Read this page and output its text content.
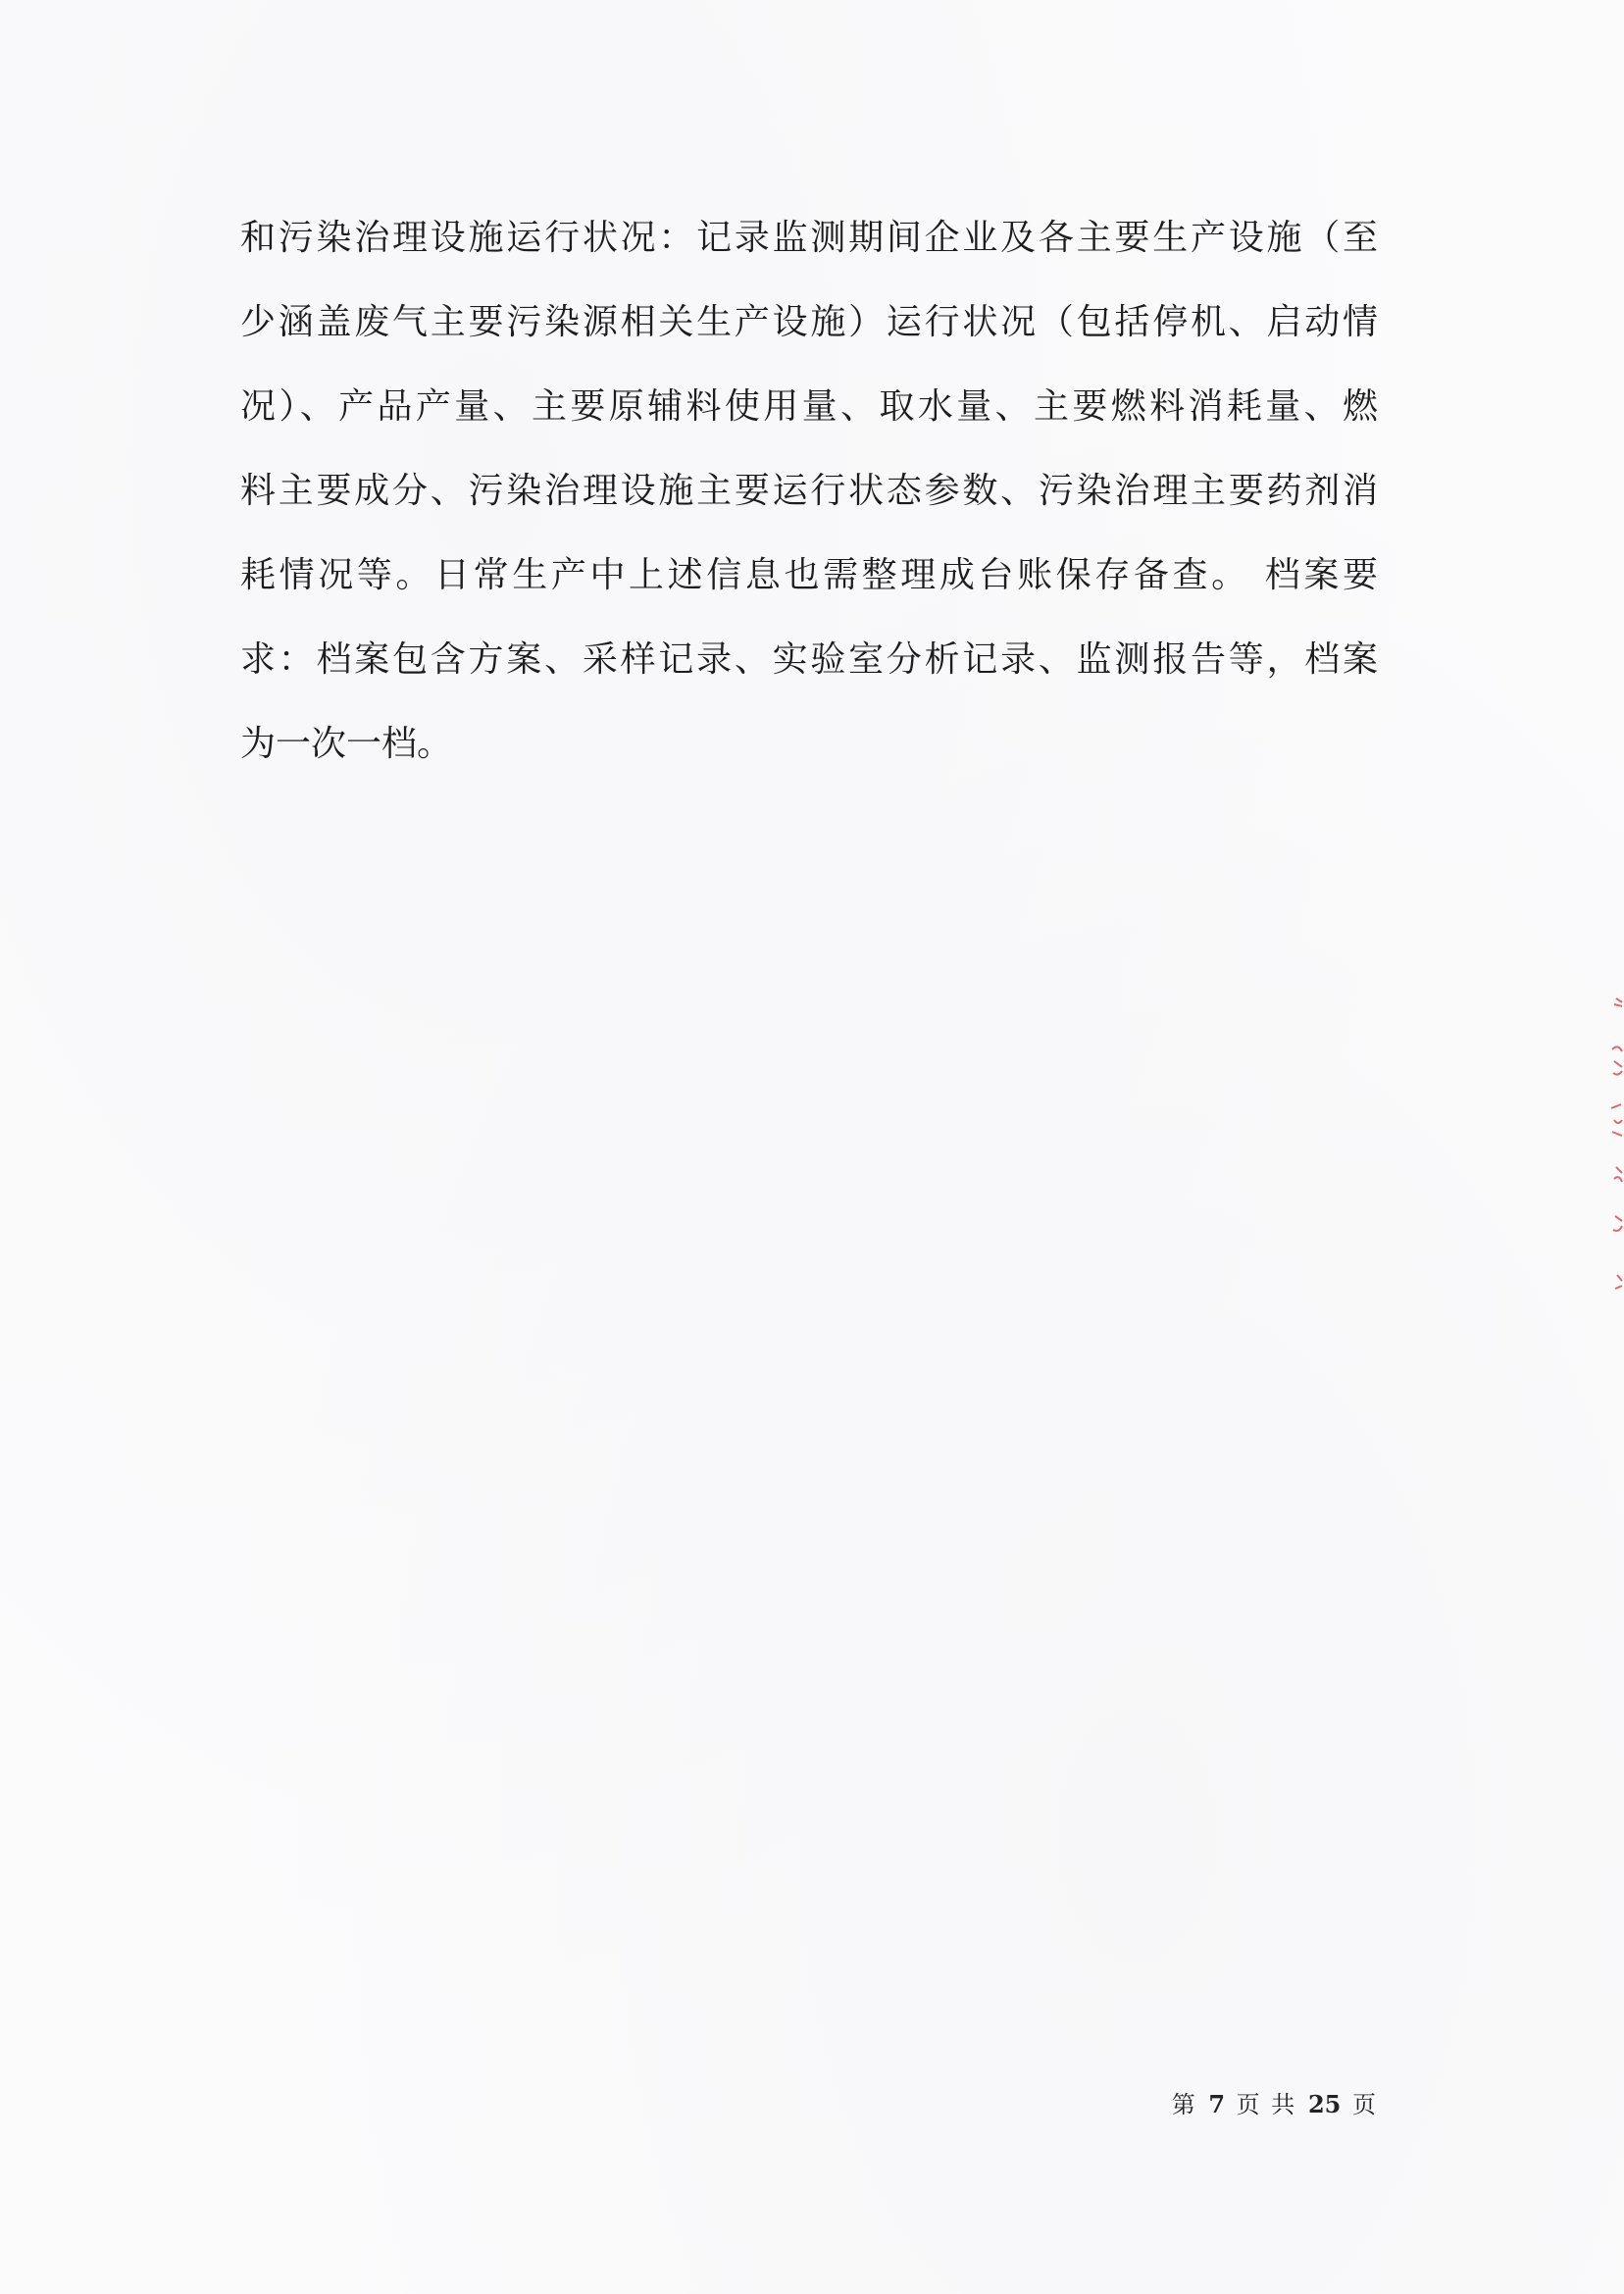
和污染治理设施运行状况：记录监测期间企业及各主要生产设施（至
少涵盖废气主要污染源相关生产设施）运行状况（包括停机、启动情
况）、产品产量、主要原辅料使用量、取水量、主要燃料消耗量、燃
料主要成分、污染治理设施主要运行状态参数、污染治理主要药剂消
耗情况等。日常生产中上述信息也需整理成台账保存备查。 档案要
求：档案包含方案、采样记录、实验室分析记录、监测报告等，档案
为一次一档。
第 7 页 共 25 页
